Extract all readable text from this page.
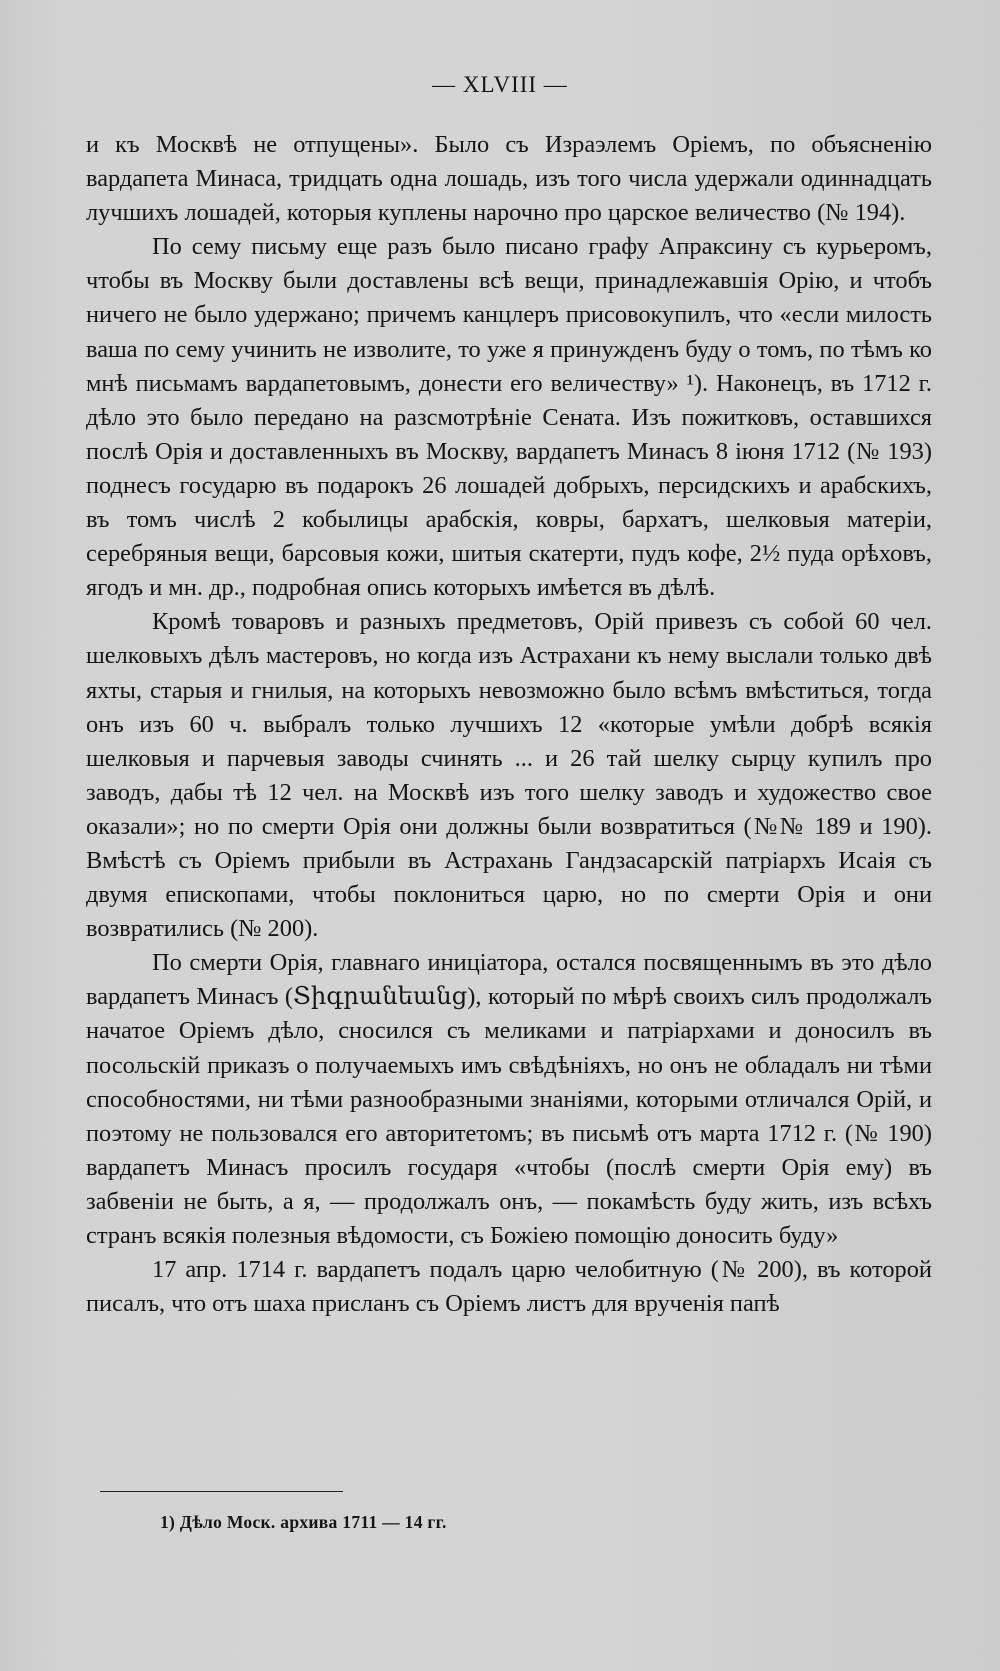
— XLVIII —

и къ Москвѣ не отпущены». Было съ Израэлемъ Оріемъ, по объясненію вардапета Минаса, тридцать одна лошадь, изъ того числа удержали одиннадцать лучшихъ лошадей, которыя куплены нарочно про царское величество (№ 194).

По сему письму еще разъ было писано графу Апраксину съ курьеромъ, чтобы въ Москву были доставлены всѣ вещи, принадлежавшія Орію, и чтобъ ничего не было удержано; причемъ канцлеръ присовокупилъ, что «если милость ваша по сему учинить не изволите, то уже я принужденъ буду о томъ, по тѣмъ ко мнѣ письмамъ вардапетовымъ, донести его величеству» ¹). Наконецъ, въ 1712 г. дѣло это было передано на разсмотрѣніе Сената. Изъ пожитковъ, оставшихся послѣ Орія и доставленныхъ въ Москву, вардапетъ Минасъ 8 іюня 1712 (№ 193) поднесъ государю въ подарокъ 26 лошадей добрыхъ, персидскихъ и арабскихъ, въ томъ числѣ 2 кобылицы арабскія, ковры, бархатъ, шелковыя матеріи, серебряныя вещи, барсовыя кожи, шитыя скатерти, пудъ кофе, 2½ пуда орѣховъ, ягодъ и мн. др., подробная опись которыхъ имѣется въ дѣлѣ.

Кромѣ товаровъ и разныхъ предметовъ, Орій привезъ съ собой 60 чел. шелковыхъ дѣлъ мастеровъ, но когда изъ Астрахани къ нему выслали только двѣ яхты, старыя и гнилыя, на которыхъ невозможно было всѣмъ вмѣститься, тогда онъ изъ 60 ч. выбралъ только лучшихъ 12 «которые умѣли добрѣ всякія шелковыя и парчевыя заводы счинять ... и 26 тай шелку сырцу купилъ про заводъ, дабы тѣ 12 чел. на Москвѣ изъ того шелку заводъ и художество свое оказали»; но по смерти Орія они должны были возвратиться (№№ 189 и 190). Вмѣстѣ съ Оріемъ прибыли въ Астрахань Гандзасарскій патріархъ Исаія съ двумя епископами, чтобы поклониться царю, но по смерти Орія и они возвратились (№ 200).

По смерти Орія, главнаго иниціатора, остался посвященнымъ въ это дѣло вардапетъ Минасъ (Տիգրանեանց), который по мѣрѣ своихъ силъ продолжалъ начатое Оріемъ дѣло, сносился съ меликами и патріархами и доносилъ въ посольскій приказъ о получаемыхъ имъ свѣдѣніяхъ, но онъ не обладалъ ни тѣми способностями, ни тѣми разнообразными знаніями, которыми отличался Орій, и поэтому не пользовался его авторитетомъ; въ письмѣ отъ марта 1712 г. (№ 190) вардапетъ Минасъ просилъ государя «чтобы (послѣ смерти Орія ему) въ забвеніи не быть, а я, — продолжалъ онъ, — покамѣсть буду жить, изъ всѣхъ странъ всякія полезныя вѣдомости, съ Божіею помощію доносить буду»

17 апр. 1714 г. вардапетъ подалъ царю челобитную (№ 200), въ которой писалъ, что отъ шаха присланъ съ Оріемъ листъ для врученія папѣ

1) Дѣло Моск. архива 1711 — 14 гг.
